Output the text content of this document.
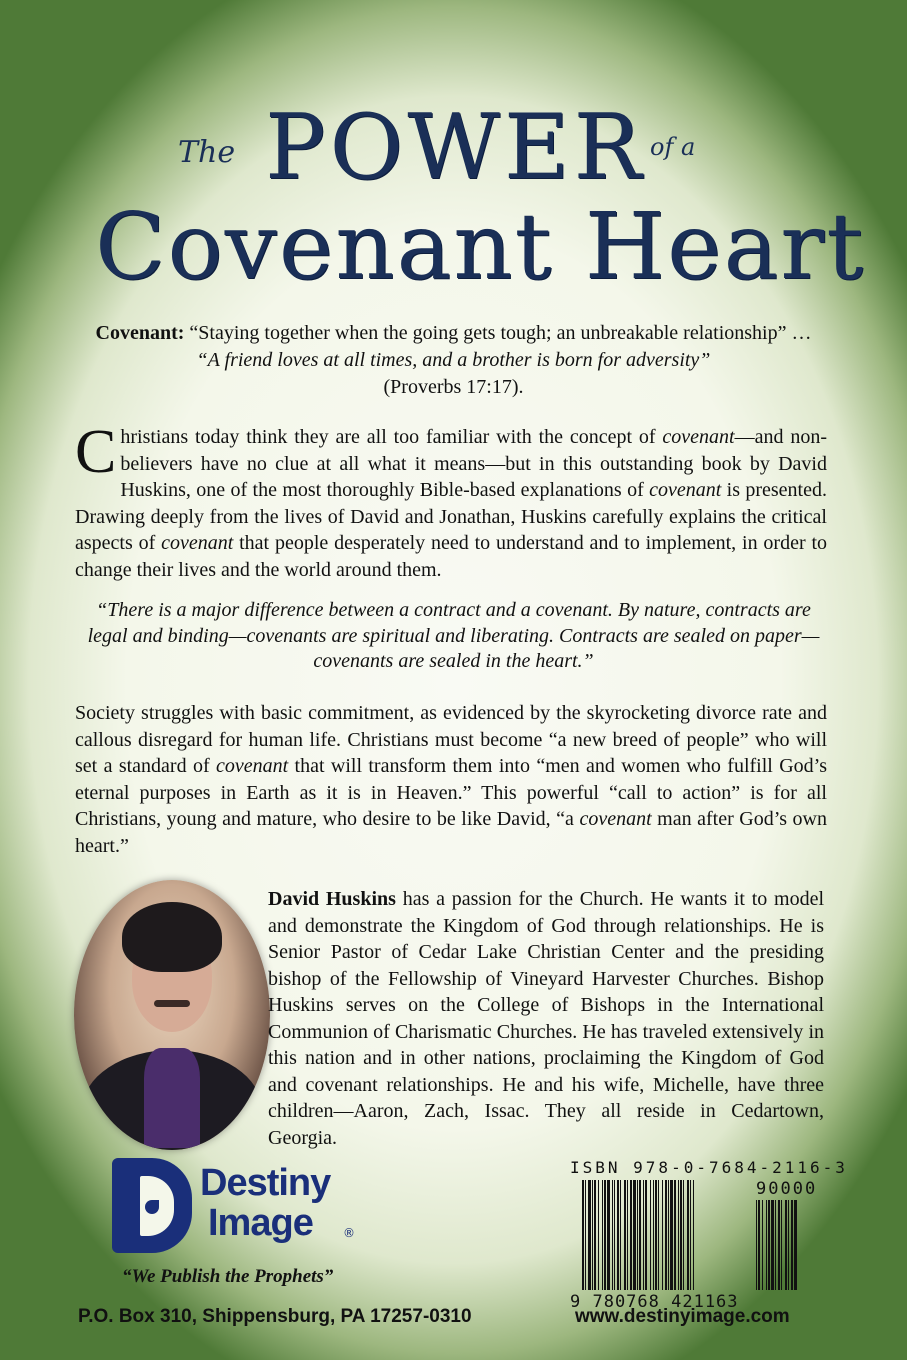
The POWER of a
Covenant Heart
Covenant: “Staying together when the going gets tough; an unbreakable relationship” … “A friend loves at all times, and a brother is born for adversity”
(Proverbs 17:17).
Christians today think they are all too familiar with the concept of covenant—and non-believers have no clue at all what it means—but in this outstanding book by David Huskins, one of the most thoroughly Bible-based explanations of covenant is presented. Drawing deeply from the lives of David and Jonathan, Huskins carefully explains the critical aspects of covenant that people desperately need to understand and to implement, in order to change their lives and the world around them.
“There is a major difference between a contract and a covenant. By nature, contracts are legal and binding—covenants are spiritual and liberating. Contracts are sealed on paper—covenants are sealed in the heart.”
Society struggles with basic commitment, as evidenced by the skyrocketing divorce rate and callous disregard for human life. Christians must become “a new breed of people” who will set a standard of covenant that will transform them into “men and women who fulfill God’s eternal purposes in Earth as it is in Heaven.” This powerful “call to action” is for all Christians, young and mature, who desire to be like David, “a covenant man after God’s own heart.”
David Huskins has a passion for the Church. He wants it to model and demonstrate the Kingdom of God through relationships. He is Senior Pastor of Cedar Lake Christian Center and the presiding bishop of the Fellowship of Vineyard Harvester Churches. Bishop Huskins serves on the College of Bishops in the International Communion of Charismatic Churches. He has traveled extensively in this nation and in other nations, proclaiming the Kingdom of God and covenant relationships. He and his wife, Michelle, have three children—Aaron, Zach, Issac. They all reside in Cedartown, Georgia.
Destiny
Image	®
“We Publish the Prophets”
ISBN 978-0-7684-2116-3
90000
9 780768 421163
P.O. Box 310, Shippensburg, PA 17257-0310	www.destinyimage.com
